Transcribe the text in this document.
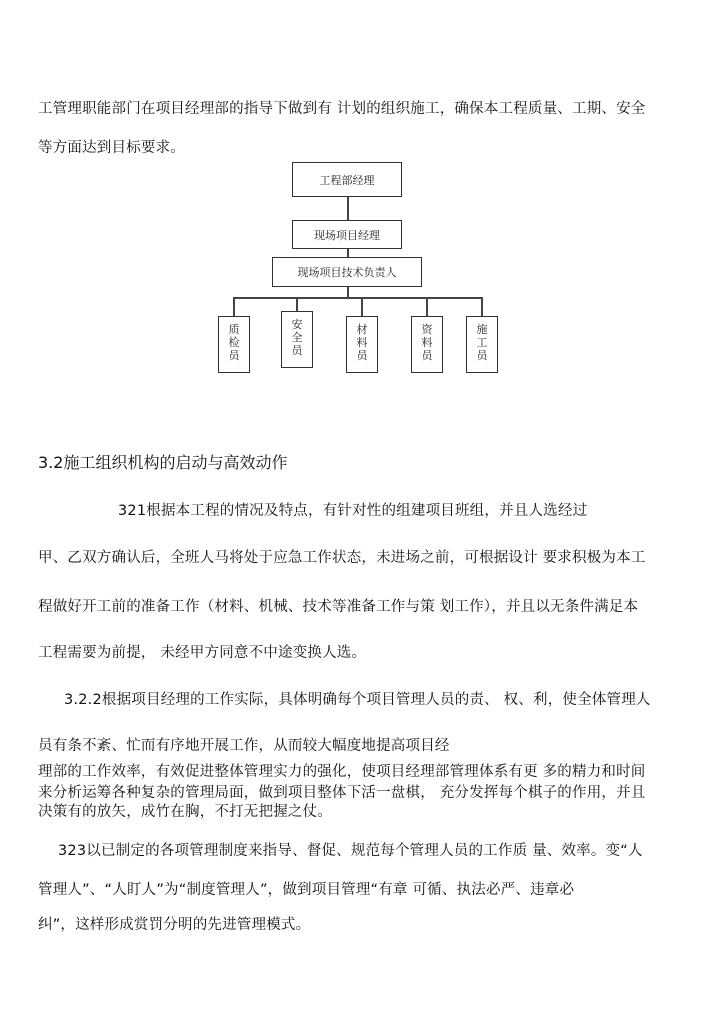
工管理职能部门在项目经理部的指导下做到有 计划的组织施工，确保本工程质量、工期、安全
等方面达到目标要求。
工程部经理
现场项目经理
现场项目技术负责人
质
检
员
安
全
员
材
料
员
资
料
员
施
工
员
3.2施工组织机构的启动与高效动作
321根据本工程的情况及特点，有针对性的组建项目班组，并且人选经过
甲、乙双方确认后，全班人马将处于应急工作状态，未进场之前，可根据设计 要求积极为本工
程做好开工前的准备工作（材料、机械、技术等准备工作与策 划工作），并且以无条件满足本
工程需要为前提， 未经甲方同意不中途变换人选。
3.2.2根据项目经理的工作实际，具体明确每个项目管理人员的责、 权、利，使全体管理人
员有条不紊、忙而有序地开展工作，从而较大幅度地提高项目经
理部的工作效率，有效促进整体管理实力的强化，使项目经理部管理体系有更 多的精力和时间
来分析运筹各种复杂的管理局面，做到项目整体下活一盘棋， 充分发挥每个棋子的作用，并且
决策有的放矢，成竹在胸，不打无把握之仗。
323以已制定的各项管理制度来指导、督促、规范每个管理人员的工作质 量、效率。变“人
管理人”、“人盯人”为“制度管理人”，做到项目管理“有章 可循、执法必严、违章必
纠”，这样形成赏罚分明的先进管理模式。
